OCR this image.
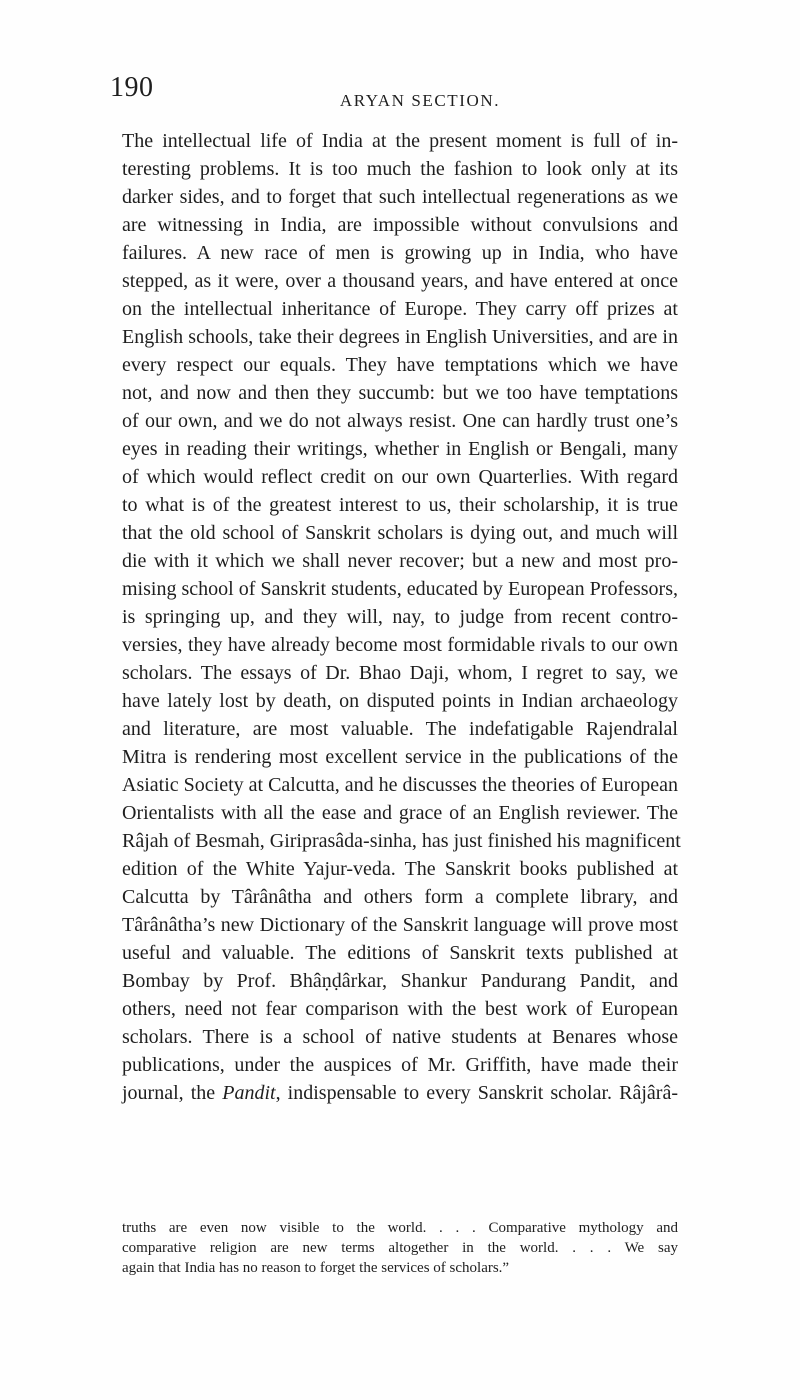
190	ARYAN SECTION.

The intellectual life of India at the present moment is full of in-
teresting problems. It is too much the fashion to look only at its
darker sides, and to forget that such intellectual regenerations as we
are witnessing in India, are impossible without convulsions and
failures. A new race of men is growing up in India, who have
stepped, as it were, over a thousand years, and have entered at once
on the intellectual inheritance of Europe. They carry off prizes at
English schools, take their degrees in English Universities, and are in
every respect our equals. They have temptations which we have
not, and now and then they succumb: but we too have temptations
of our own, and we do not always resist. One can hardly trust one’s
eyes in reading their writings, whether in English or Bengali, many
of which would reflect credit on our own Quarterlies. With regard
to what is of the greatest interest to us, their scholarship, it is true
that the old school of Sanskrit scholars is dying out, and much will
die with it which we shall never recover; but a new and most pro-
mising school of Sanskrit students, educated by European Professors,
is springing up, and they will, nay, to judge from recent contro-
versies, they have already become most formidable rivals to our own
scholars. The essays of Dr. Bhao Daji, whom, I regret to say, we
have lately lost by death, on disputed points in Indian archaeology
and literature, are most valuable. The indefatigable Rajendralal
Mitra is rendering most excellent service in the publications of the
Asiatic Society at Calcutta, and he discusses the theories of European
Orientalists with all the ease and grace of an English reviewer. The
Râjah of Besmah, Giriprasâda-sinha, has just finished his magnificent
edition of the White Yajur-veda. The Sanskrit books published at
Calcutta by Târânâtha and others form a complete library, and
Târânâtha’s new Dictionary of the Sanskrit language will prove most
useful and valuable. The editions of Sanskrit texts published at
Bombay by Prof. Bhâṇḍârkar, Shankur Pandurang Pandit, and
others, need not fear comparison with the best work of European
scholars. There is a school of native students at Benares whose
publications, under the auspices of Mr. Griffith, have made their
journal, the Pandit, indispensable to every Sanskrit scholar. Râjârâ-

truths are even now visible to the world. . . . Comparative mythology and
comparative religion are new terms altogether in the world. . . . We say
again that India has no reason to forget the services of scholars.”
